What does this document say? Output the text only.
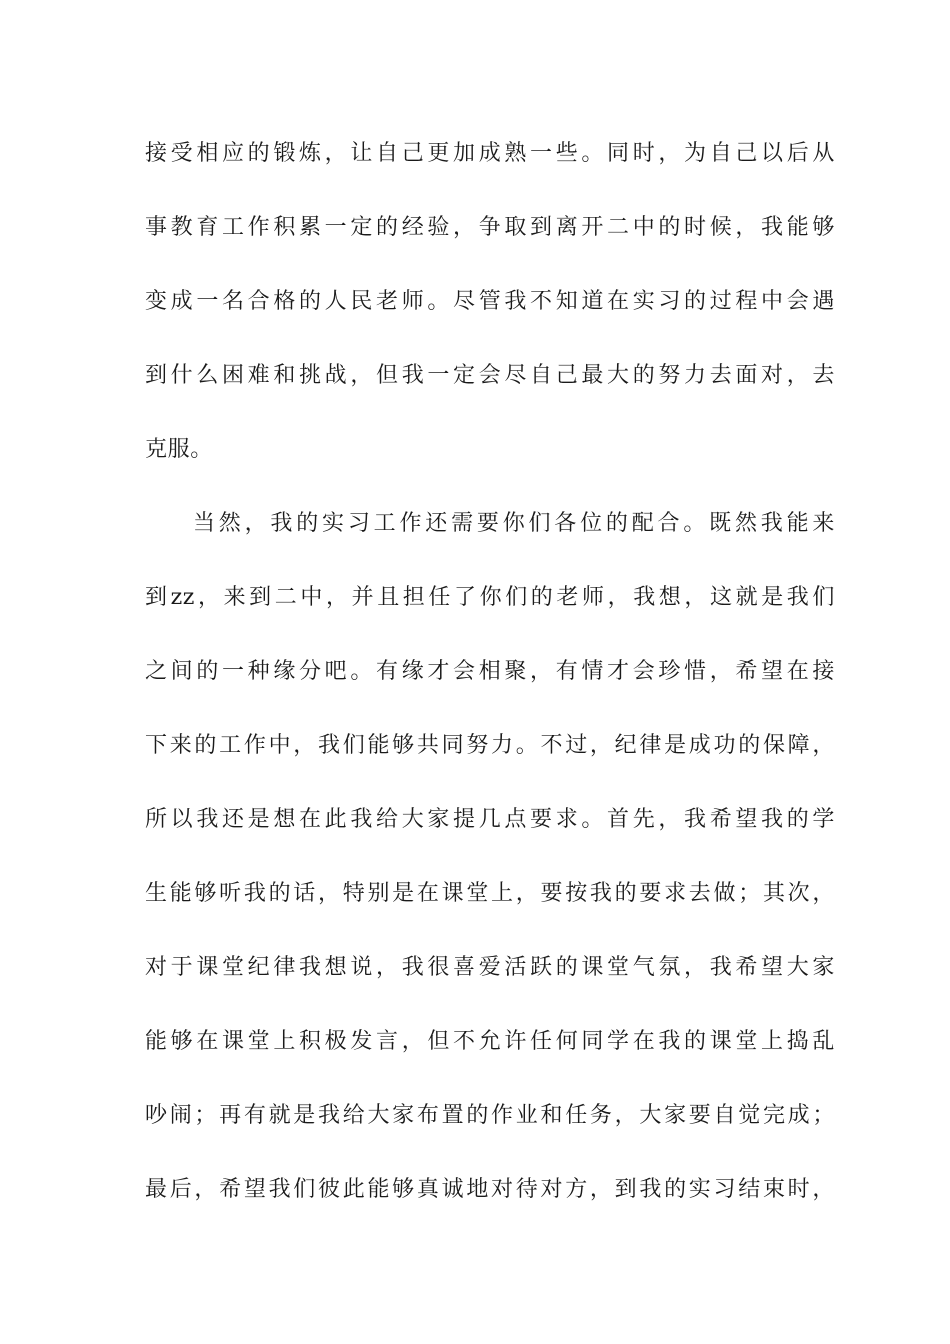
接受相应的锻炼，让自己更加成熟一些。同时，为自己以后从
事教育工作积累一定的经验，争取到离开二中的时候，我能够
变成一名合格的人民老师。尽管我不知道在实习的过程中会遇
到什么困难和挑战，但我一定会尽自己最大的努力去面对，去
克服。
当然，我的实习工作还需要你们各位的配合。既然我能来
到zz，来到二中，并且担任了你们的老师，我想，这就是我们
之间的一种缘分吧。有缘才会相聚，有情才会珍惜，希望在接
下来的工作中，我们能够共同努力。不过，纪律是成功的保障，
所以我还是想在此我给大家提几点要求。首先，我希望我的学
生能够听我的话，特别是在课堂上，要按我的要求去做；其次，
对于课堂纪律我想说，我很喜爱活跃的课堂气氛，我希望大家
能够在课堂上积极发言，但不允许任何同学在我的课堂上捣乱
吵闹；再有就是我给大家布置的作业和任务，大家要自觉完成；
最后，希望我们彼此能够真诚地对待对方，到我的实习结束时，
